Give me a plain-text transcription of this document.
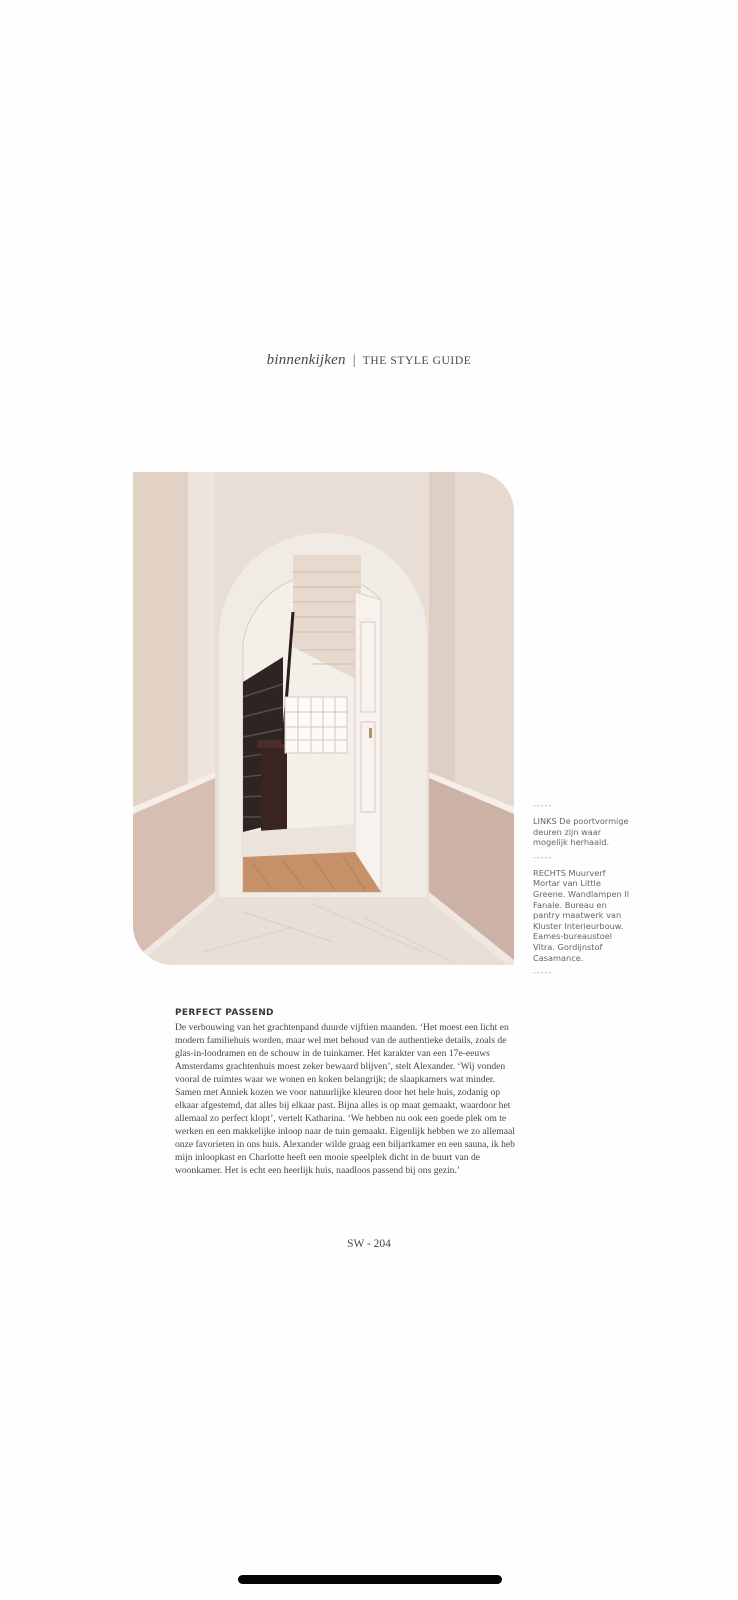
binnenkijken | THE STYLE GUIDE
-----

LINKS De poortvormige deuren zijn waar mogelijk herhaald.

-----

RECHTS Muurverf Mortar van Little Greene. Wandlampen Il Fanale. Bureau en pantry maatwerk van Kluster Interieurbouw. Eames-bureaustoel Vitra. Gordijnstof Casamance.

-----
PERFECT PASSEND

De verbouwing van het grachtenpand duurde vijftien maanden. ‘Het moest een licht en modern familiehuis worden, maar wel met behoud van de authentieke details, zoals de glas-in-loodramen en de schouw in de tuinkamer. Het karakter van een 17e-eeuws Amsterdams grachtenhuis moest zeker bewaard blijven’, stelt Alexander. ‘Wij vonden vooral de ruimtes waar we wonen en koken belangrijk; de slaapkamers wat minder. Samen met Anniek kozen we voor natuurlijke kleuren door het hele huis, zodanig op elkaar afgestemd, dat alles bij elkaar past. Bijna alles is op maat gemaakt, waardoor het allemaal zo perfect klopt’, vertelt Katharina. ‘We hebben nu ook een goede plek om te werken en een makkelijke inloop naar de tuin gemaakt. Eigenlijk hebben we zo allemaal onze favorieten in ons huis. Alexander wilde graag een biljartkamer en een sauna, ik heb mijn inloopkast en Charlotte heeft een mooie speelplek dicht in de buurt van de woonkamer. Het is echt een heerlijk huis, naadloos passend bij ons gezin.’

SW - 204
